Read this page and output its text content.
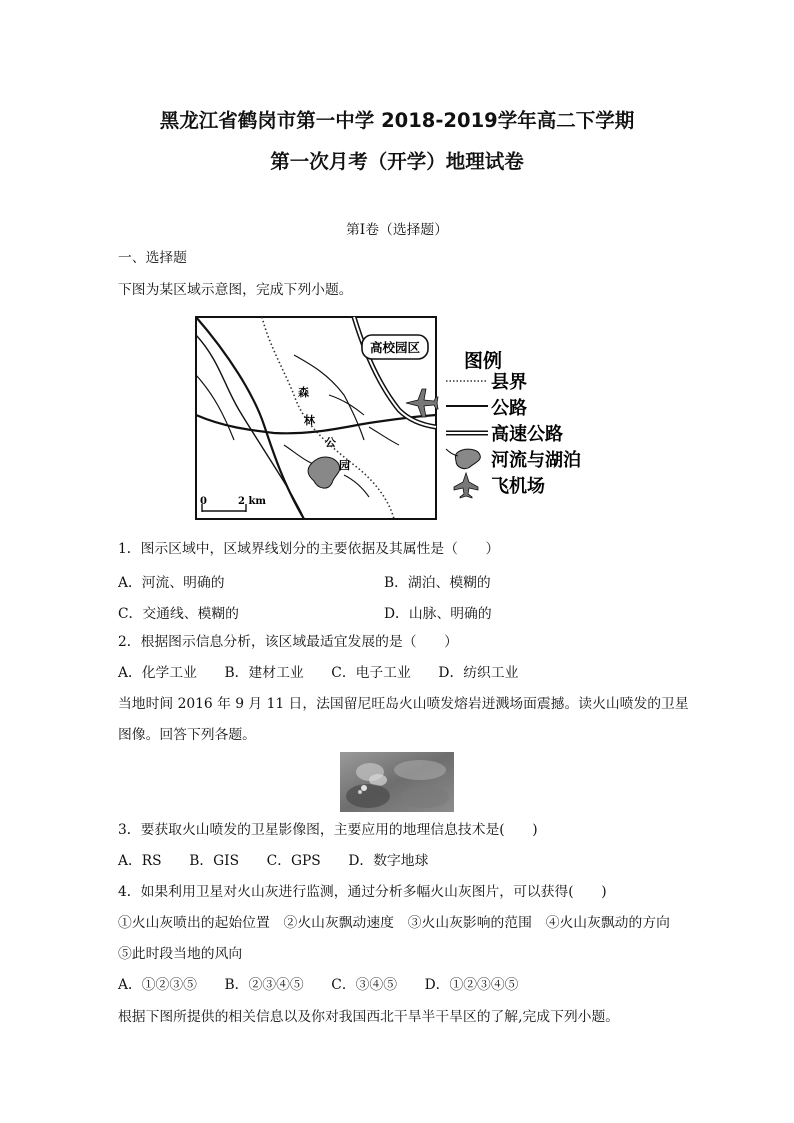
黑龙江省鹤岗市第一中学 2018-2019学年高二下学期
第一次月考（开学）地理试卷
第Ⅰ卷（选择题）
一、选择题
下图为某区域示意图，完成下列小题。
高校园区
森
林
公
园
0	2 km
图例
县界
公路
高速公路
河流与湖泊
飞机场
1．图示区域中，区域界线划分的主要依据及其属性是（　　）
A．河流、明确的	B．湖泊、模糊的
C．交通线、模糊的	D．山脉、明确的
2．根据图示信息分析，该区域最适宜发展的是（　　）
A．化学工业　　B．建材工业　　C．电子工业　　D．纺织工业
当地时间 2016 年 9 月 11 日，法国留尼旺岛火山喷发熔岩迸溅场面震撼。读火山喷发的卫星
图像。回答下列各题。
3．要获取火山喷发的卫星影像图，主要应用的地理信息技术是(　　)
A．RS　　B．GIS　　C．GPS　　D．数字地球
4．如果利用卫星对火山灰进行监测，通过分析多幅火山灰图片，可以获得(　　)
①火山灰喷出的起始位置　②火山灰飘动速度　③火山灰影响的范围　④火山灰飘动的方向
⑤此时段当地的风向
A．①②③⑤　　B．②③④⑤　　C．③④⑤　　D．①②③④⑤
根据下图所提供的相关信息以及你对我国西北干旱半干旱区的了解,完成下列小题。
